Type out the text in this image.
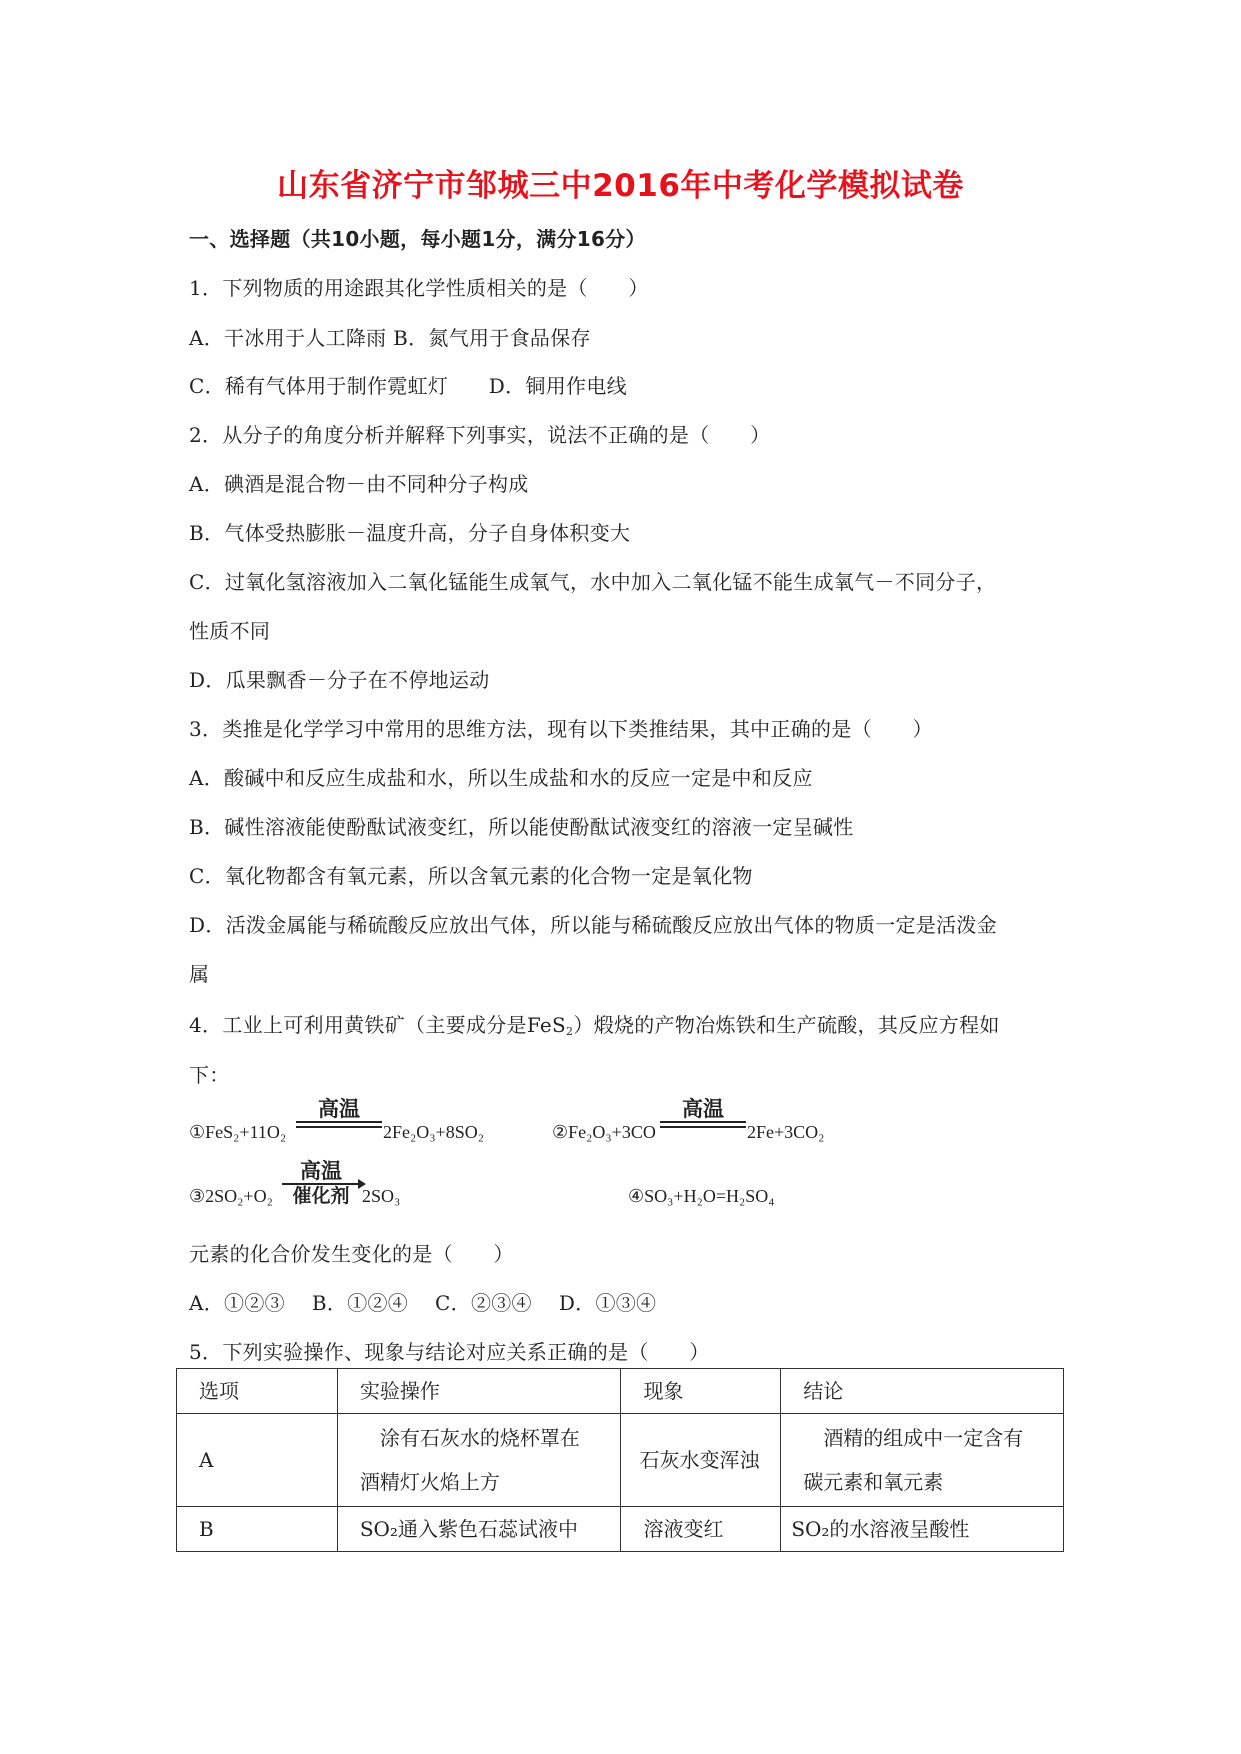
山东省济宁市邹城三中2016年中考化学模拟试卷
一、选择题（共10小题，每小题1分，满分16分）
1．下列物质的用途跟其化学性质相关的是（　　）
A．干冰用于人工降雨 B．氮气用于食品保存
C．稀有气体用于制作霓虹灯　　D．铜用作电线
2．从分子的角度分析并解释下列事实，说法不正确的是（　　）
A．碘酒是混合物－由不同种分子构成
B．气体受热膨胀－温度升高，分子自身体积变大
C．过氧化氢溶液加入二氧化锰能生成氧气，水中加入二氧化锰不能生成氧气－不同分子，
性质不同
D．瓜果飘香－分子在不停地运动
3．类推是化学学习中常用的思维方法，现有以下类推结果，其中正确的是（　　）
A．酸碱中和反应生成盐和水，所以生成盐和水的反应一定是中和反应
B．碱性溶液能使酚酞试液变红，所以能使酚酞试液变红的溶液一定呈碱性
C．氧化物都含有氧元素，所以含氧元素的化合物一定是氧化物
D．活泼金属能与稀硫酸反应放出气体，所以能与稀硫酸反应放出气体的物质一定是活泼金
属
4．工业上可利用黄铁矿（主要成分是FeS$_2$）煅烧的产物冶炼铁和生产硫酸，其反应方程如
下：
①FeS₂+11O₂
高温
2Fe₂O₃+8SO₂	②Fe₂O₃+3CO
高温
2Fe+3CO₂
③2SO₂+O₂
高温
催化剂 2SO₃	④SO₃+H₂O=H₂SO₄
元素的化合价发生变化的是（　　）
A．①②③　 B．①②④　 C．②③④　 D．①③④
5．下列实验操作、现象与结论对应关系正确的是（　　）
选项	实验操作	现象	结论
A	涂有石灰水的烧杯罩在酒精灯火焰上方	石灰水变浑浊	酒精的组成中一定含有碳元素和氧元素

B	SO₂通入紫色石蕊试液中	溶液变红	SO₂的水溶液呈酸性
